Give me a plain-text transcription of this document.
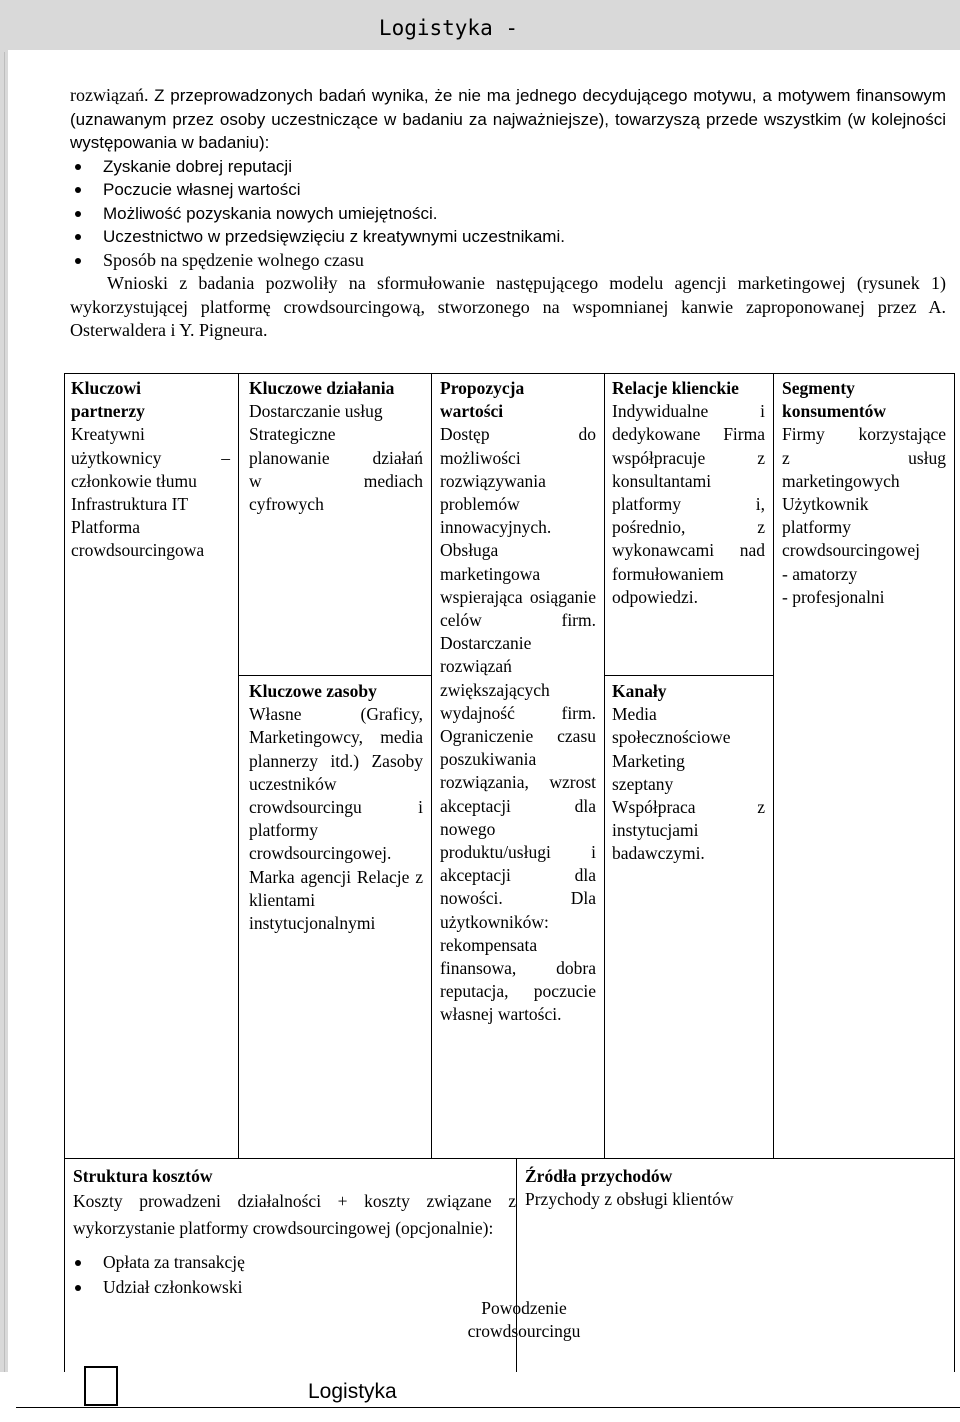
Logistyka -

rozwiązań. Z przeprowadzonych badań wynika, że nie ma jednego decydującego motywu, a motywem finansowym (uznawanym przez osoby uczestniczące w badaniu za najważniejsze), towarzyszą przede wszystkim (w kolejności występowania w badaniu):

Zyskanie dobrej reputacji
Poczucie własnej wartości
Możliwość pozyskania nowych umiejętności.
Uczestnictwo w przedsięwzięciu z kreatywnymi uczestnikami.
Sposób na spędzenie wolnego czasu

Wnioski z badania pozwoliły na sformułowanie następującego modelu agencji marketingowej (rysunek 1) wykorzystującej platformę crowdsourcingową, stworzonego na wspomnianej kanwie zaproponowanej przez A. Osterwaldera i Y. Pigneura.

Kluczowi
partnerzy
Kreatywni
użytkownicy –
członkowie tłumu
Infrastruktura IT
Platforma
crowdsourcingowa
Kluczowe działania
Dostarczanie usług
Strategiczne
planowanie działań
w mediach
cyfrowych
Kluczowe zasoby
Własne (Graficy, Marketingowcy, media plannerzy itd.) Zasoby uczestników crowdsourcingu i platformy crowdsourcingowej. Marka agencji Relacje z klientami instytucjonalnymi
Propozycja
wartości
Dostęp do możliwości rozwiązywania problemów innowacyjnych. Obsługa marketingowa wspierająca osiąganie celów firm. Dostarczanie rozwiązań zwiększających wydajność firm. Ograniczenie czasu poszukiwania rozwiązania, wzrost akceptacji dla nowego produktu/usługi i akceptacji dla nowości. Dla użytkowników: rekompensata finansowa, dobra reputacja, poczucie własnej wartości.
Relacje klienckie
Indywidualne i dedykowane Firma współpracuje z konsultantami platformy i, pośrednio, z wykonawcami nad formułowaniem odpowiedzi.
Kanały
Media
społecznościowe
Marketing
szeptany
Współpraca z
instytucjami
badawczymi.
Segmenty
konsumentów
Firmy korzystające
z usług
marketingowych
Użytkownik
platformy
crowdsourcingowej
- amatorzy
- profesjonalni
Struktura kosztów
Koszty prowadzeni działalności + koszty związane z wykorzystanie platformy crowdsourcingowej (opcjonalnie):
Opłata za transakcję
Udział członkowski
Źródła przychodów
Przychody z obsługi klientów
Powodzenie
crowdsourcingu
Logistyka
